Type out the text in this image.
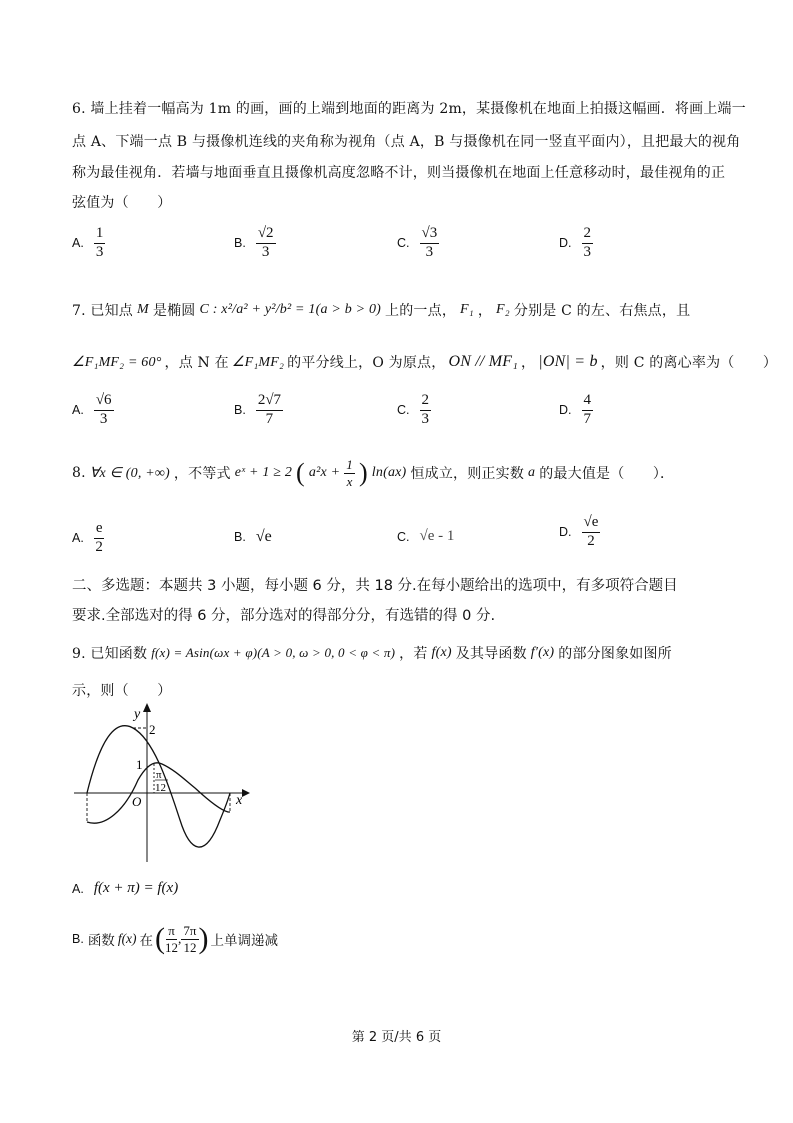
6. 墙上挂着一幅高为 1m 的画，画的上端到地面的距离为 2m，某摄像机在地面上拍摄这幅画．将画上端一
点 A、下端一点 B 与摄像机连线的夹角称为视角（点 A，B 与摄像机在同一竖直平面内），且把最大的视角
称为最佳视角．若墙与地面垂直且摄像机高度忽略不计，则当摄像机在地面上任意移动时，最佳视角的正
弦值为（　　）
A. $\frac{1}{3}$	B. $\frac{√2}{3}$	C. $\frac{√3}{3}$	D. $\frac{2}{3}$
7. 已知点 M 是椭圆 C : x²/a² + y²/b² = 1(a > b > 0) 上的一点， F₁ ， F₂ 分别是 C 的左、右焦点，且
∠F₁MF₂ = 60° ，点 N 在 ∠F₁MF₂ 的平分线上，O 为原点， ON // MF₁ ， |ON| = b ，则 C 的离心率为（　　）
A. $\frac{√6}{3}$	B. $\frac{2√7}{7}$	C. $\frac{2}{3}$	D. $\frac{4}{7}$
8. ∀x ∈ (0, +∞) ，不等式 eˣ + 1 ≥ 2 ( $a^2x + \frac{1}{x}$ ) ln(ax) 恒成立，则正实数 a 的最大值是（　　）．
A. $\frac{e}{2}$	B. √e	C. √e - 1	D. $\frac{√e}{2}$
二、多选题：本题共 3 小题，每小题 6 分，共 18 分.在每小题给出的选项中，有多项符合题目
要求.全部选对的得 6 分，部分选对的得部分分，有选错的得 0 分.
9. 已知函数 f(x) = Asin(ωx + φ)(A > 0, ω > 0, 0 < φ < π) ，若 f(x) 及其导函数 f′(x) 的部分图象如图所
示，则（　　）
y
x
O
2
1
π
12
A. f(x + π) = f(x)
B. 函数 f(x) 在 ( $\frac{\pi}{12}$ , $\frac{7\pi}{12}$ ) 上单调递减
第 2 页/共 6 页
